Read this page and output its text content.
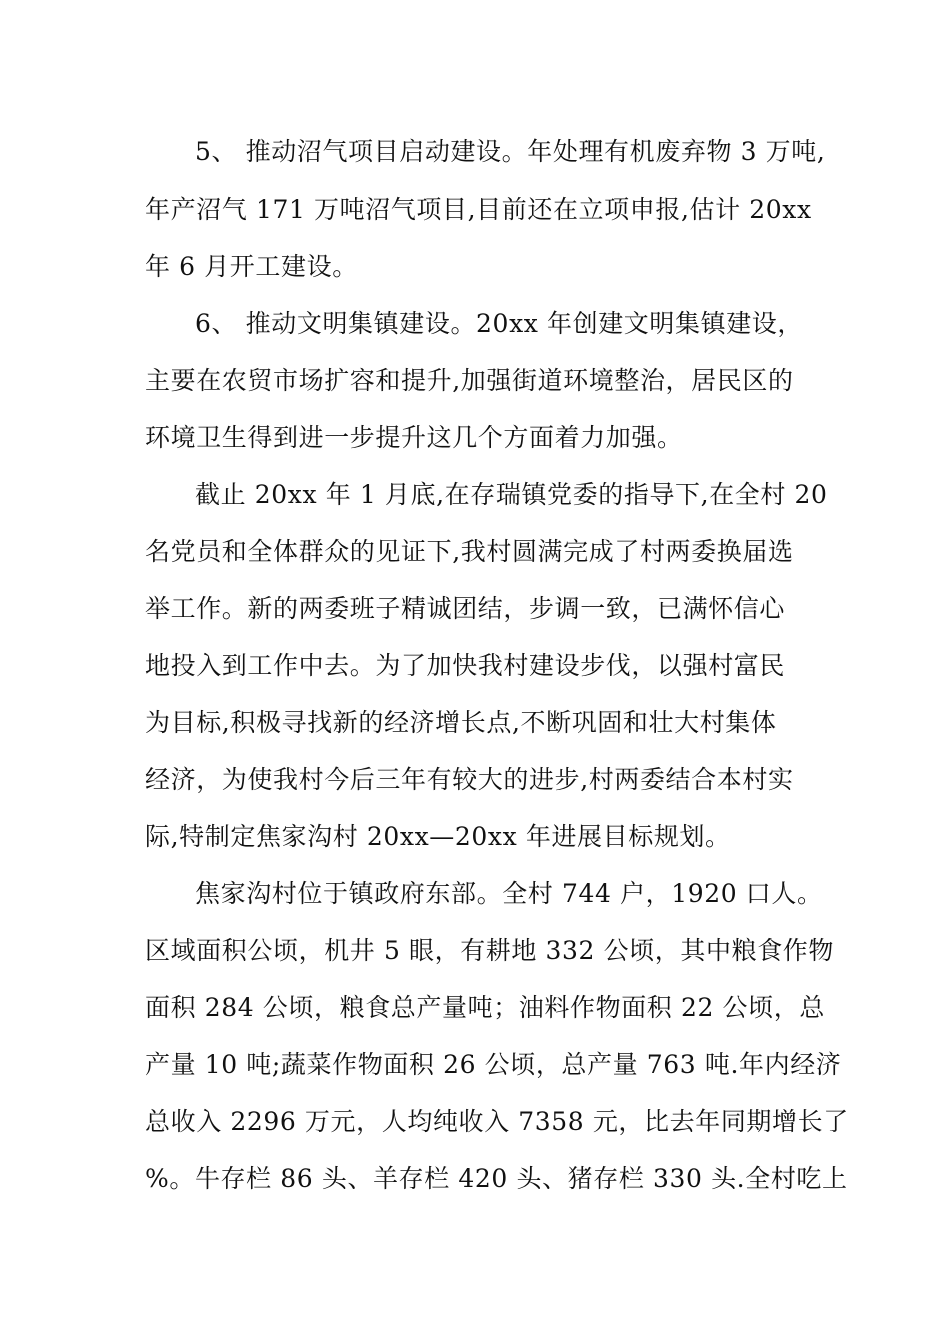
5、 推动沼气项目启动建设。年处理有机废弃物 3 万吨,
年产沼气 171 万吨沼气项目,目前还在立项申报,估计 20xx
年 6 月开工建设。
6、 推动文明集镇建设。20xx 年创建文明集镇建设，
主要在农贸市场扩容和提升,加强街道环境整治，居民区的
环境卫生得到进一步提升这几个方面着力加强。
截止 20xx 年 1 月底,在存瑞镇党委的指导下,在全村 20
名党员和全体群众的见证下,我村圆满完成了村两委换届选
举工作。新的两委班子精诚团结，步调一致，已满怀信心
地投入到工作中去。为了加快我村建设步伐，以强村富民
为目标,积极寻找新的经济增长点,不断巩固和壮大村集体
经济，为使我村今后三年有较大的进步,村两委结合本村实
际,特制定焦家沟村 20xx—20xx 年进展目标规划。
焦家沟村位于镇政府东部。全村 744 户，1920 口人。
区域面积公顷，机井 5 眼，有耕地 332 公顷，其中粮食作物
面积 284 公顷，粮食总产量吨；油料作物面积 22 公顷，总
产量 10 吨;蔬菜作物面积 26 公顷，总产量 763 吨.年内经济
总收入 2296 万元，人均纯收入 7358 元，比去年同期增长了
%。牛存栏 86 头、羊存栏 420 头、猪存栏 330 头.全村吃上
